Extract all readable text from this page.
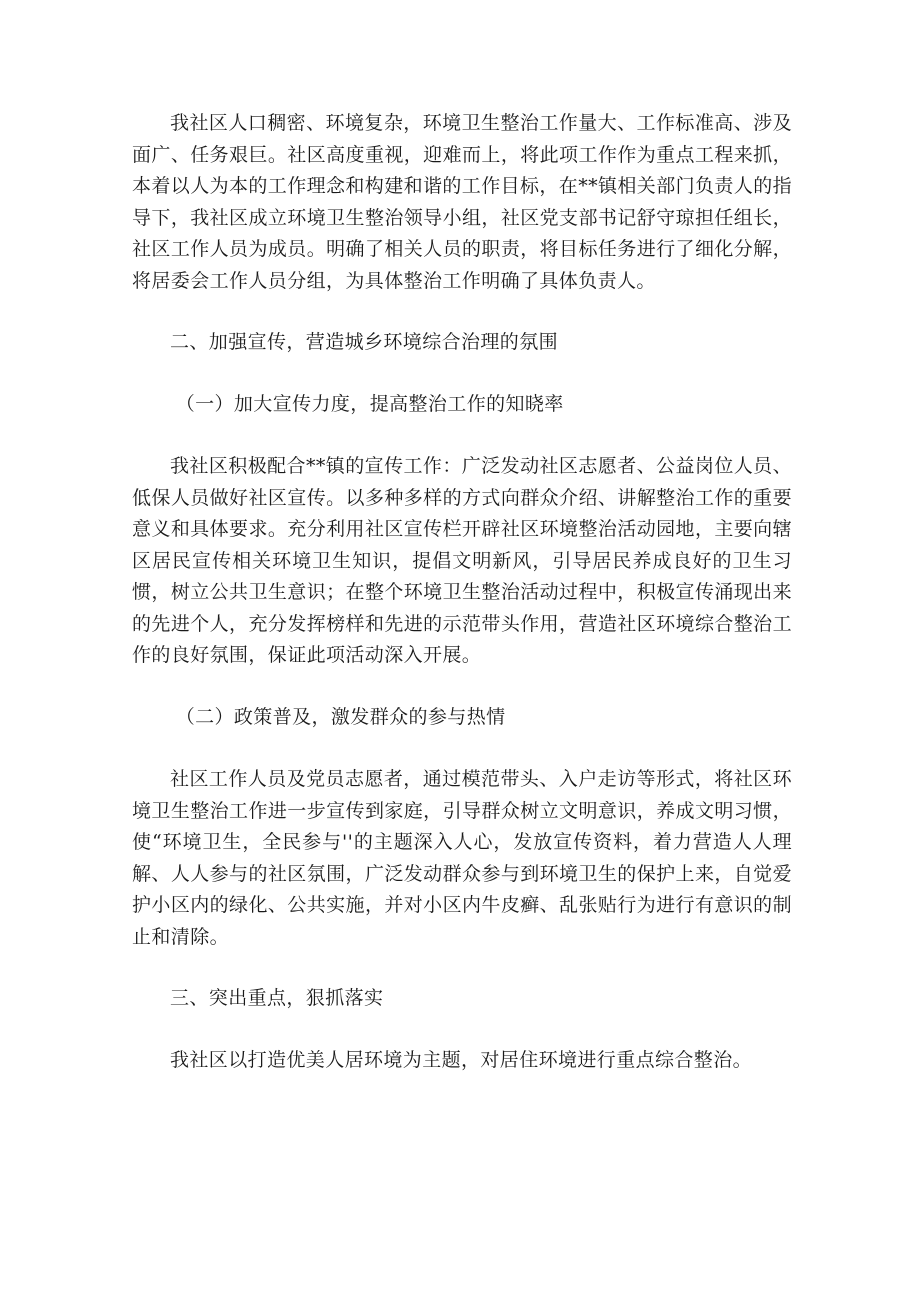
我社区人口稠密、环境复杂，环境卫生整治工作量大、工作标准高、涉及面广、任务艰巨。社区高度重视，迎难而上，将此项工作作为重点工程来抓，本着以人为本的工作理念和构建和谐的工作目标，在**镇相关部门负责人的指导下，我社区成立环境卫生整治领导小组，社区党支部书记舒守琼担任组长，社区工作人员为成员。明确了相关人员的职责，将目标任务进行了细化分解，将居委会工作人员分组，为具体整治工作明确了具体负责人。

二、加强宣传，营造城乡环境综合治理的氛围

（一）加大宣传力度，提高整治工作的知晓率

我社区积极配合**镇的宣传工作：广泛发动社区志愿者、公益岗位人员、低保人员做好社区宣传。以多种多样的方式向群众介绍、讲解整治工作的重要意义和具体要求。充分利用社区宣传栏开辟社区环境整治活动园地，主要向辖区居民宣传相关环境卫生知识，提倡文明新风，引导居民养成良好的卫生习惯，树立公共卫生意识；在整个环境卫生整治活动过程中，积极宣传涌现出来的先进个人，充分发挥榜样和先进的示范带头作用，营造社区环境综合整治工作的良好氛围，保证此项活动深入开展。

（二）政策普及，激发群众的参与热情

社区工作人员及党员志愿者，通过模范带头、入户走访等形式，将社区环境卫生整治工作进一步宣传到家庭，引导群众树立文明意识，养成文明习惯，使“环境卫生，全民参与''的主题深入人心，发放宣传资料，着力营造人人理解、人人参与的社区氛围，广泛发动群众参与到环境卫生的保护上来，自觉爱护小区内的绿化、公共实施，并对小区内牛皮癣、乱张贴行为进行有意识的制止和清除。

三、突出重点，狠抓落实

我社区以打造优美人居环境为主题，对居住环境进行重点综合整治。
